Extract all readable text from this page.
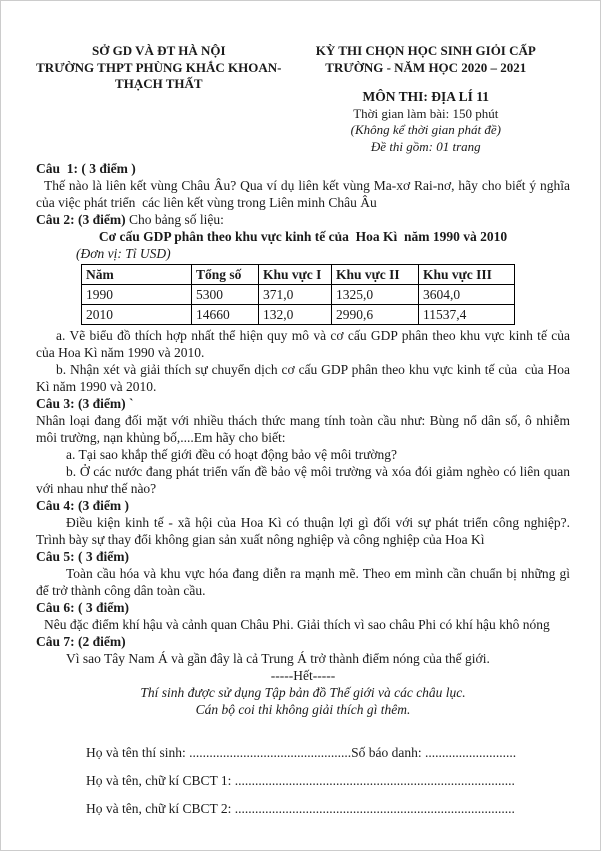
SỞ GD VÀ ĐT HÀ NỘI

TRƯỜNG THPT PHÙNG KHẮC KHOAN-

THẠCH THẤT

KỲ THI CHỌN HỌC SINH GIỎI CẤP

TRƯỜNG - NĂM HỌC 2020 – 2021

MÔN THI: ĐỊA LÍ 11

Thời gian làm bài: 150 phút

(Không kể thời gian phát đề)

Đề thi gồm: 01 trang

Câu  1: ( 3 điểm )

Thế nào là liên kết vùng Châu Âu? Qua ví dụ liên kết vùng Ma-xơ Rai-nơ, hãy cho biết ý nghĩa của việc phát triển  các liên kết vùng trong Liên minh Châu Âu

Câu 2: (3 điểm) Cho bảng số liệu:

Cơ cấu GDP phân theo khu vực kinh tế của  Hoa Kì  năm 1990 và 2010

(Đơn vị: Tỉ USD)

Năm	Tổng số	Khu vực I	Khu vực II	Khu vực III
1990	5300	371,0	1325,0	3604,0
2010	14660	132,0	2990,6	11537,4

a. Vẽ biểu đồ thích hợp nhất thể hiện quy mô và cơ cấu GDP phân theo khu vực kinh tế của của Hoa Kì năm 1990 và 2010.

b. Nhận xét và giải thích sự chuyển dịch cơ cấu GDP phân theo khu vực kinh tế của  của Hoa Kì năm 1990 và 2010.

Câu 3: (3 điểm) `

Nhân loại đang đối mặt với nhiều thách thức mang tính toàn cầu như: Bùng nổ dân số, ô nhiễm môi trường, nạn khủng bố,....Em hãy cho biết:

a. Tại sao khắp thế giới đều có hoạt động bảo vệ môi trường?

b. Ở các nước đang phát triển vấn đề bảo vệ môi trường và xóa đói giảm nghèo có liên quan với nhau như thế nào?

Câu 4: (3 điểm )

Điều kiện kinh tế - xã hội của Hoa Kì có thuận lợi gì đối với sự phát triển công nghiệp?. Trình bày sự thay đổi không gian sản xuất nông nghiệp và công nghiệp của Hoa Kì

Câu 5: ( 3 điểm)

Toàn cầu hóa và khu vực hóa đang diễn ra mạnh mẽ. Theo em mình cần chuẩn bị những gì để trở thành công dân toàn cầu.

Câu 6: ( 3 điểm)

Nêu đặc điểm khí hậu và cảnh quan Châu Phi. Giải thích vì sao châu Phi có khí hậu khô nóng

Câu 7: (2 điểm)

Vì sao Tây Nam Á và gần đây là cả Trung Á trở thành điểm nóng của thế giới.

-----Hết-----

Thí sinh được sử dụng Tập bản đồ Thế giới và các châu lục.

Cán bộ coi thi không giải thích gì thêm.

Họ và tên thí sinh: ................................................Số báo danh: ...........................

Họ và tên, chữ kí CBCT 1: ...................................................................................

Họ và tên, chữ kí CBCT 2: ...................................................................................
